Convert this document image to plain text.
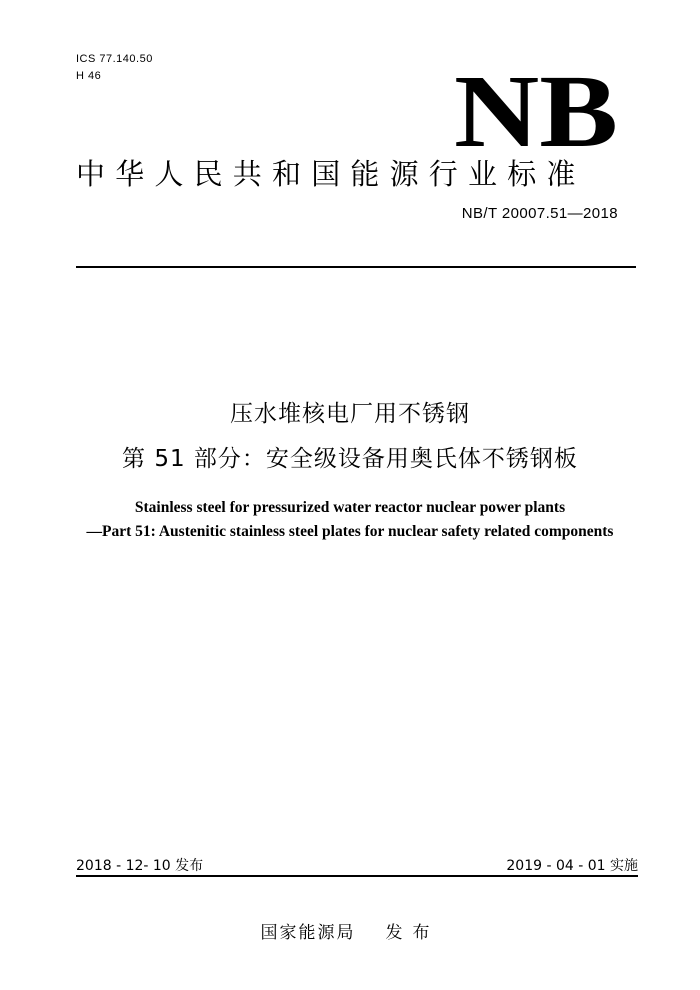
ICS 77.140.50
H 46	NB
中华人民共和国能源行业标准
NB/T 20007.51—2018
压水堆核电厂用不锈钢
第 51 部分：安全级设备用奥氏体不锈钢板
Stainless steel for pressurized water reactor nuclear power plants
—Part 51: Austenitic stainless steel plates for nuclear safety related components
2018 - 12- 10 发布	2019 - 04 - 01 实施
国家能源局 发布
